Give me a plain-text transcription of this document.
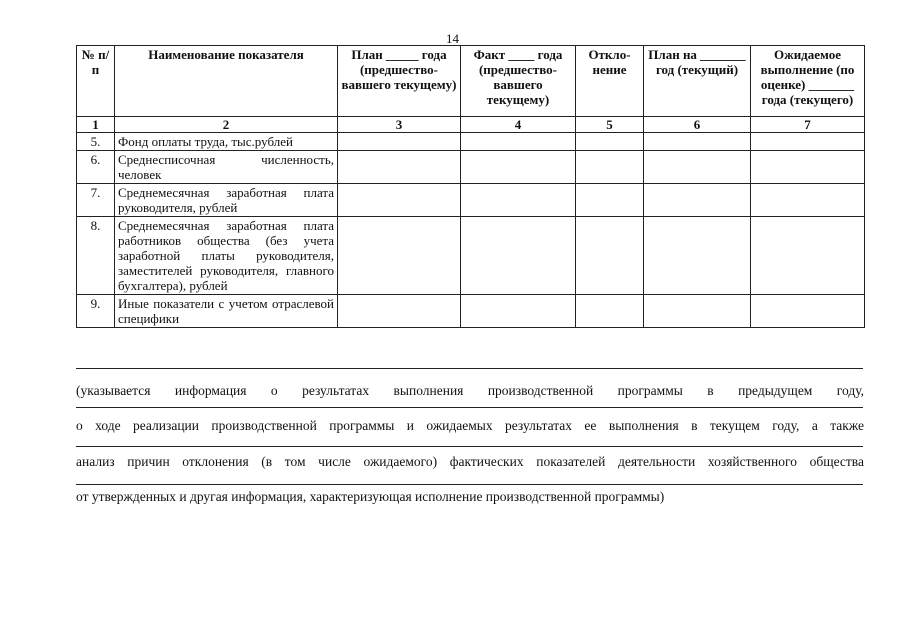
14
№ п/п	Наименование показателя	План _____ года (предшество-вавшего текущему)	Факт ____ года (предшество-вавшего текущему)	Откло-нение	План на _______ год (текущий)	Ожидаемое выполнение (по оценке) _______ года (текущего)
1	2	3	4	5	6	7
5.	Фонд оплаты труда, тыс.рублей					
6.	Среднесписочная численность, человек					
7.	Среднемесячная заработная плата руководителя, рублей					
8.	Среднемесячная заработная плата работников общества (без учета заработной платы руководителя, заместителей руководителя, главного бухгалтера), рублей					
9.	Иные показатели с учетом отраслевой специфики					
(указывается информация о результатах выполнения производственной программы в предыдущем году,
о ходе реализации производственной программы и ожидаемых результатах ее выполнения в текущем году, а также
анализ причин отклонения (в том числе ожидаемого) фактических показателей деятельности хозяйственного общества
от утвержденных и другая информация, характеризующая исполнение производственной программы)
